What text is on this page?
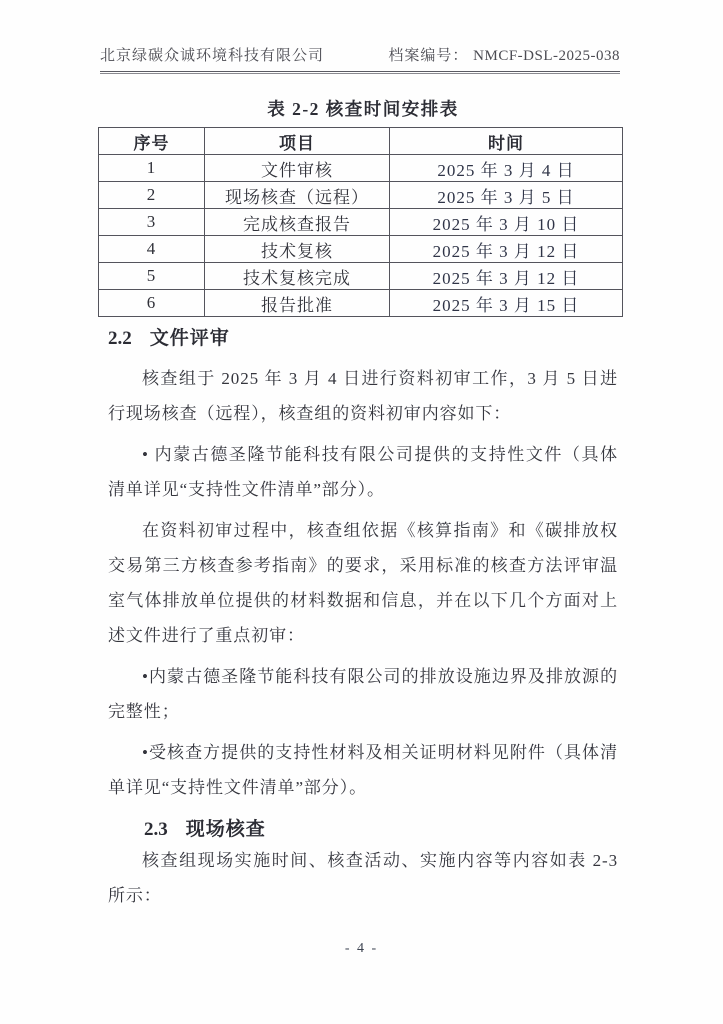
北京绿碳众诚环境科技有限公司	档案编号： NMCF-DSL-2025-038

表 2-2 核查时间安排表

序号	项目	时间
1	文件审核	2025 年 3 月 4 日
2	现场核查（远程）	2025 年 3 月 5 日
3	完成核查报告	2025 年 3 月 10 日
4	技术复核	2025 年 3 月 12 日
5	技术复核完成	2025 年 3 月 12 日
6	报告批准	2025 年 3 月 15 日
2.2 文件评审

核查组于 2025 年 3 月 4 日进行资料初审工作，3 月 5 日进行现场核查（远程），核查组的资料初审内容如下：

• 内蒙古德圣隆节能科技有限公司提供的支持性文件（具体清单详见“支持性文件清单”部分）。

在资料初审过程中，核查组依据《核算指南》和《碳排放权交易第三方核查参考指南》的要求，采用标准的核查方法评审温室气体排放单位提供的材料数据和信息，并在以下几个方面对上述文件进行了重点初审：

•内蒙古德圣隆节能科技有限公司的排放设施边界及排放源的完整性；

•受核查方提供的支持性材料及相关证明材料见附件（具体清单详见“支持性文件清单”部分）。

2.3 现场核查

核查组现场实施时间、核查活动、实施内容等内容如表 2-3 所示：

- 4 -
